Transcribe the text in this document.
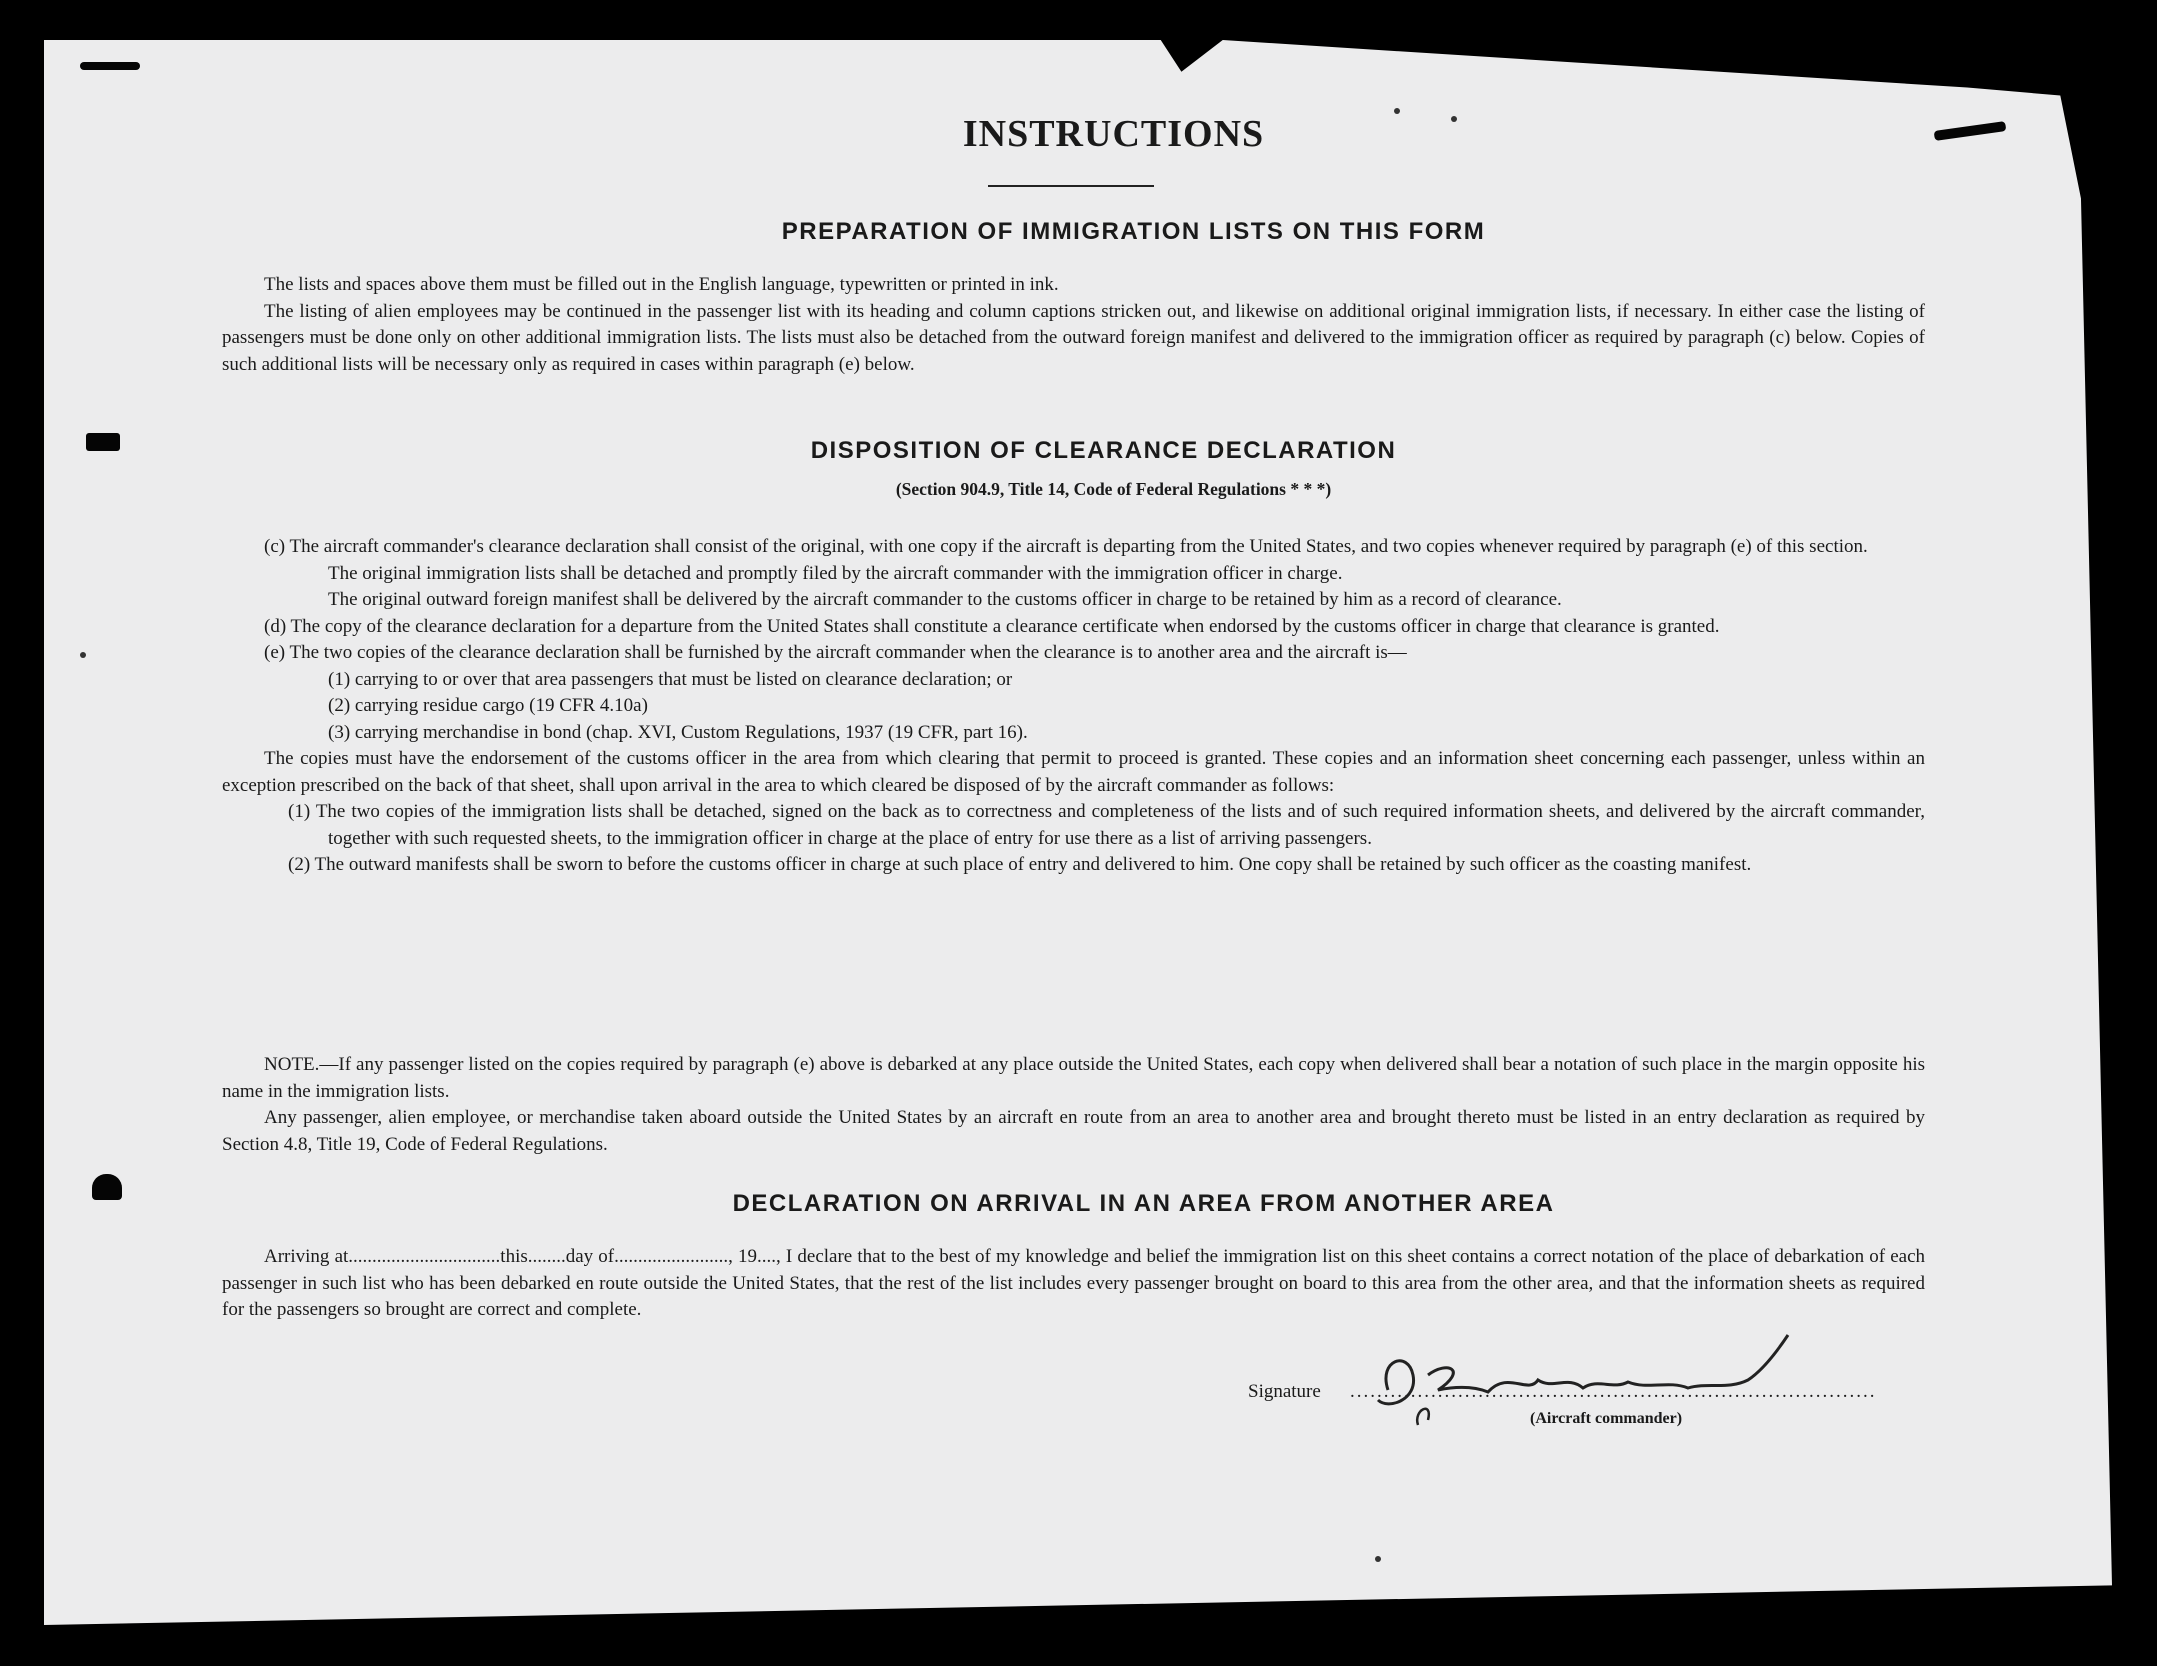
INSTRUCTIONS
PREPARATION OF IMMIGRATION LISTS ON THIS FORM

The lists and spaces above them must be filled out in the English language, typewritten or printed in ink.

The listing of alien employees may be continued in the passenger list with its heading and column captions stricken out, and likewise on additional original immigration lists, if necessary. In either case the listing of passengers must be done only on other additional immigration lists. The lists must also be detached from the outward foreign manifest and delivered to the immigration officer as required by paragraph (c) below. Copies of such additional lists will be necessary only as required in cases within paragraph (e) below.

DISPOSITION OF CLEARANCE DECLARATION
(Section 904.9, Title 14, Code of Federal Regulations * * *)

(c) The aircraft commander's clearance declaration shall consist of the original, with one copy if the aircraft is departing from the United States, and two copies whenever required by paragraph (e) of this section.

The original immigration lists shall be detached and promptly filed by the aircraft commander with the immigration officer in charge.

The original outward foreign manifest shall be delivered by the aircraft commander to the customs officer in charge to be retained by him as a record of clearance.

(d) The copy of the clearance declaration for a departure from the United States shall constitute a clearance certificate when endorsed by the customs officer in charge that clearance is granted.

(e) The two copies of the clearance declaration shall be furnished by the aircraft commander when the clearance is to another area and the aircraft is—

(1) carrying to or over that area passengers that must be listed on clearance declaration; or

(2) carrying residue cargo (19 CFR 4.10a)

(3) carrying merchandise in bond (chap. XVI, Custom Regulations, 1937 (19 CFR, part 16).

The copies must have the endorsement of the customs officer in the area from which clearing that permit to proceed is granted. These copies and an information sheet concerning each passenger, unless within an exception prescribed on the back of that sheet, shall upon arrival in the area to which cleared be disposed of by the aircraft commander as follows:

(1) The two copies of the immigration lists shall be detached, signed on the back as to correctness and completeness of the lists and of such required information sheets, and delivered by the aircraft commander, together with such requested sheets, to the immigration officer in charge at the place of entry for use there as a list of arriving passengers.

(2) The outward manifests shall be sworn to before the customs officer in charge at such place of entry and delivered to him. One copy shall be retained by such officer as the coasting manifest.

NOTE.—If any passenger listed on the copies required by paragraph (e) above is debarked at any place outside the United States, each copy when delivered shall bear a notation of such place in the margin opposite his name in the immigration lists.

Any passenger, alien employee, or merchandise taken aboard outside the United States by an aircraft en route from an area to another area and brought thereto must be listed in an entry declaration as required by Section 4.8, Title 19, Code of Federal Regulations.

DECLARATION ON ARRIVAL IN AN AREA FROM ANOTHER AREA

Arriving at................................this........day of........................, 19...., I declare that to the best of my knowledge and belief the immigration list on this sheet contains a correct notation of the place of debarkation of each passenger in such list who has been debarked en route outside the United States, that the rest of the list includes every passenger brought on board to this area from the other area, and that the information sheets as required for the passengers so brought are correct and complete.

Signature ..............................................................................
(Aircraft commander)
